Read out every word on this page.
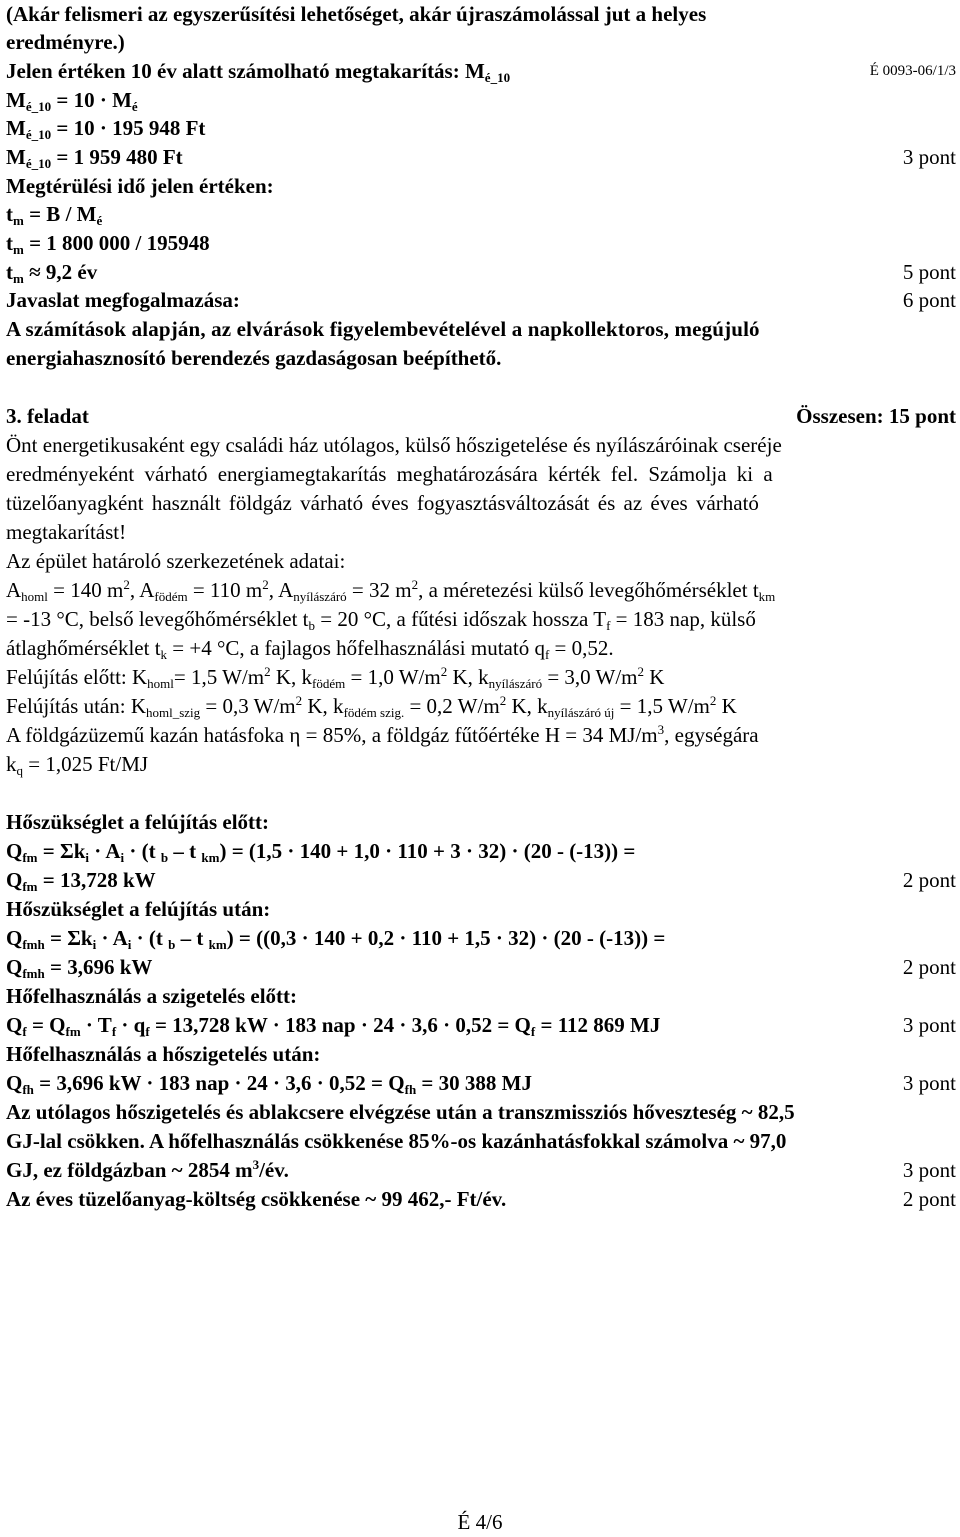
(Akár felismeri az egyszerűsítési lehetőséget, akár újraszámolással jut a helyes
eredményre.)
Jelen értéken 10 év alatt számolható megtakarítás: $M_{é\_10}$	É 0093-06/1/3
$M_{é\_10} = 10 \cdot M_é$
$M_{é\_10} = 10 \cdot 195$ 948 Ft
$M_{é\_10} = 1$ 959 480 Ft	3 pont
Megtérülési idő jelen értéken:
$t_m = B / M_é$
$t_m = 1$ 800 000 / 195948
$t_m \approx 9,2$ év	5 pont
Javaslat megfogalmazása:	6 pont
A számítások alapján, az elvárások figyelembevételével a napkollektoros, megújuló
energiahasznosító berendezés gazdaságosan beépíthető.
3. feladat	Összesen: 15 pont
Önt energetikusaként egy családi ház utólagos, külső hőszigetelése és nyílászáróinak cseréje
eredményeként várható energiamegtakarítás meghatározására kérték fel. Számolja ki a
tüzelőanyagként használt földgáz várható éves fogyasztásváltozását és az éves várható
megtakarítást!
Az épület határoló szerkezetének adatai:
$A_{homl} = 140$ $m^2$, $A_{födém} = 110$ $m^2$, $A_{nyílászáró} = 32$ $m^2$, a méretezési külső levegőhőmérséklet $t_{km}$
= -13 °C, belső levegőhőmérséklet $t_b = 20$ °C, a fűtési időszak hossza $T_f = 183$ nap, külső
átlaghőmérséklet $t_k = +4$ °C, a fajlagos hőfelhasználási mutató $q_f = 0,52$.
Felújítás előtt: $K_{homl}= 1,5$ $W/m^2$ K, $k_{födém} = 1,0$ $W/m^2$ K, $k_{nyílászáró} = 3,0$ $W/m^2$ K
Felújítás után: $K_{homl\_szig} = 0,3$ $W/m^2$ K, $k_{födém szig.} = 0,2$ $W/m^2$ K, $k_{nyílászáró új} = 1,5$ $W/m^2$ K
A földgázüzemű kazán hatásfoka η = 85%, a földgáz fűtőértéke H = 34 $MJ/m^3$, egységára
$k_q = 1,025$ Ft/MJ
Hőszükséglet a felújítás előtt:
$Q_{fm} = \Sigma k_i \cdot A_i \cdot (t$ $_b$ – t $_{km}$) = (1,5 · 140 + 1,0 · 110 + 3 · 32) · (20 - (-13)) =
$Q_{fm} = 13,728$ kW	2 pont
Hőszükséglet a felújítás után:
$Q_{fmh} = \Sigma k_i \cdot A_i \cdot (t$ $_b$ – t $_{km}$) = ((0,3 · 140 + 0,2 · 110 + 1,5 · 32) · (20 - (-13)) =
$Q_{fmh} = 3,696$ kW	2 pont
Hőfelhasználás a szigetelés előtt:
$Q_f = Q_{fm} \cdot T_f \cdot q_f = 13,728$ kW · 183 nap · $24 \cdot 3,6 \cdot 0,52 = Q_f = 112$ 869 MJ	3 pont
Hőfelhasználás a hőszigetelés után:
$Q_{fh} = 3,696$ kW · 183 nap · $24 \cdot 3,6 \cdot 0,52 = Q_{fh} = 30$ 388 MJ	3 pont
Az utólagos hőszigetelés és ablakcsere elvégzése után a transzmissziós hőveszteség ~ 82,5
GJ-lal csökken. A hőfelhasználás csökkenése 85%-os kazánhatásfokkal számolva ~ 97,0
GJ, ez földgázban ~ 2854 $m^3/év$.	3 pont
Az éves tüzelőanyag-költség csökkenése ~ 99 462,- Ft/év.	2 pont
É 4/6
